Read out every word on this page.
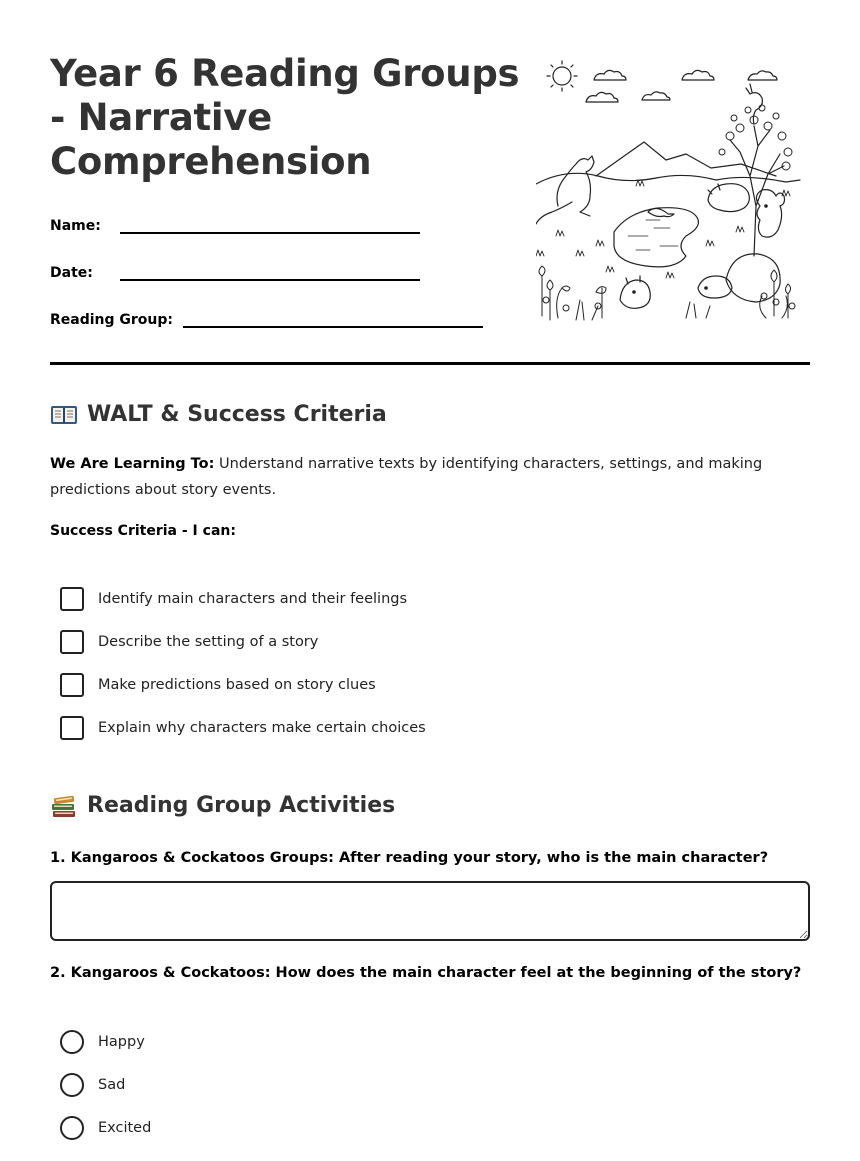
Year 6 Reading Groups - Narrative Comprehension
Name:
Date:
Reading Group:
WALT & Success Criteria

We Are Learning To: Understand narrative texts by identifying characters, settings, and making predictions about story events.

Success Criteria - I can:
Identify main characters and their feelings
Describe the setting of a story
Make predictions based on story clues
Explain why characters make certain choices
Reading Group Activities
1. Kangaroos & Cockatoos Groups: After reading your story, who is the main character?
2. Kangaroos & Cockatoos: How does the main character feel at the beginning of the story?
Happy
Sad
Excited
